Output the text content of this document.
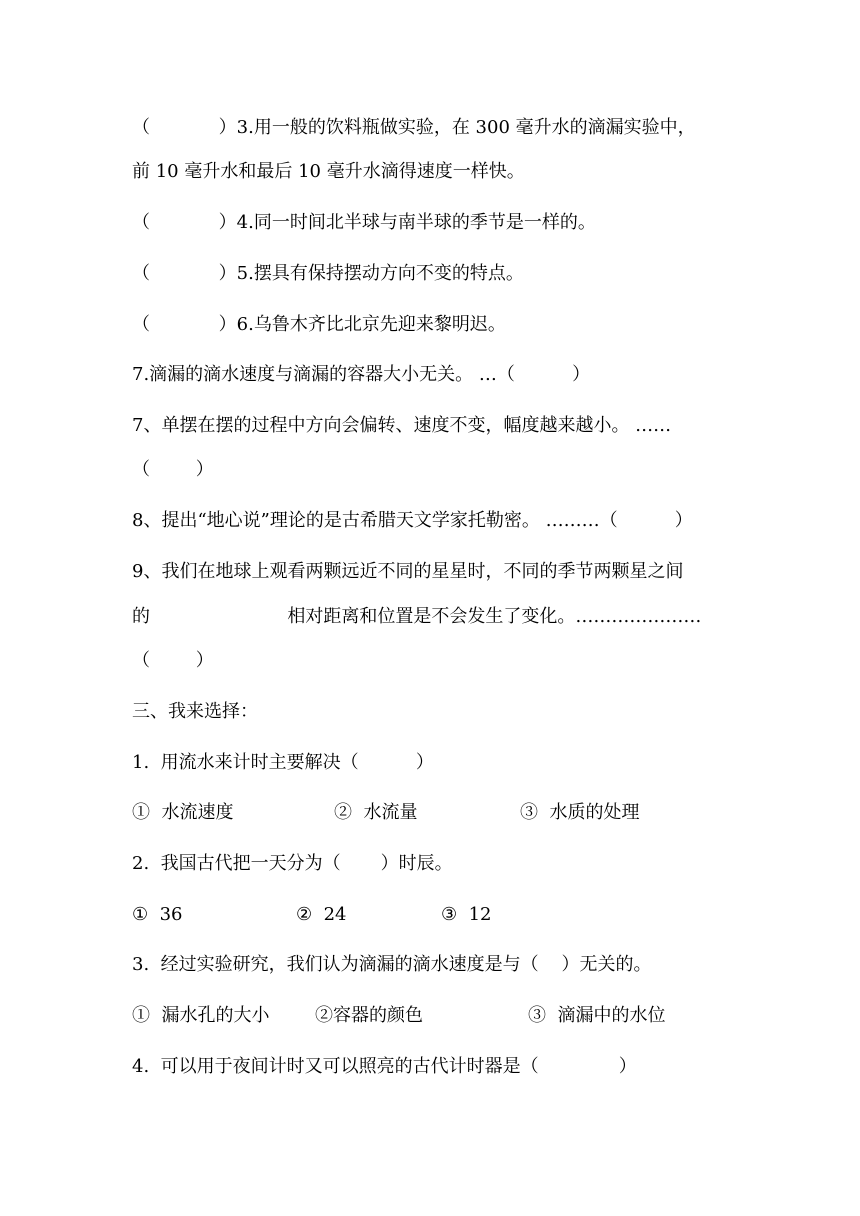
（            ）3.用一般的饮料瓶做实验，在 300 毫升水的滴漏实验中，
前 10 毫升水和最后 10 毫升水滴得速度一样快。
（            ）4.同一时间北半球与南半球的季节是一样的。
（            ）5.摆具有保持摆动方向不变的特点。
（            ）6.乌鲁木齐比北京先迎来黎明迟。
7.滴漏的滴水速度与滴漏的容器大小无关。 …（          ）
7、单摆在摆的过程中方向会偏转、速度不变，幅度越来越小。 ……
（        ）
8、提出“地心说”理论的是古希腊天文学家托勒密。 ………（          ）
9、我们在地球上观看两颗远近不同的星星时，不同的季节两颗星之间
的                        相对距离和位置是不会发生了变化。…………………
（        ）
三、我来选择：
1.  用流水来计时主要解决（          ）

①  水流速度

	②  水流量

	③  水质的处理

2.  我国古代把一天分为（       ）时辰。

①  36

	②  24

	③  12

3.  经过实验研究，我们认为滴漏的滴水速度是与（    ）无关的。

①  漏水孔的大小

	②容器的颜色

	③  滴漏中的水位

4.  可以用于夜间计时又可以照亮的古代计时器是（              ）
